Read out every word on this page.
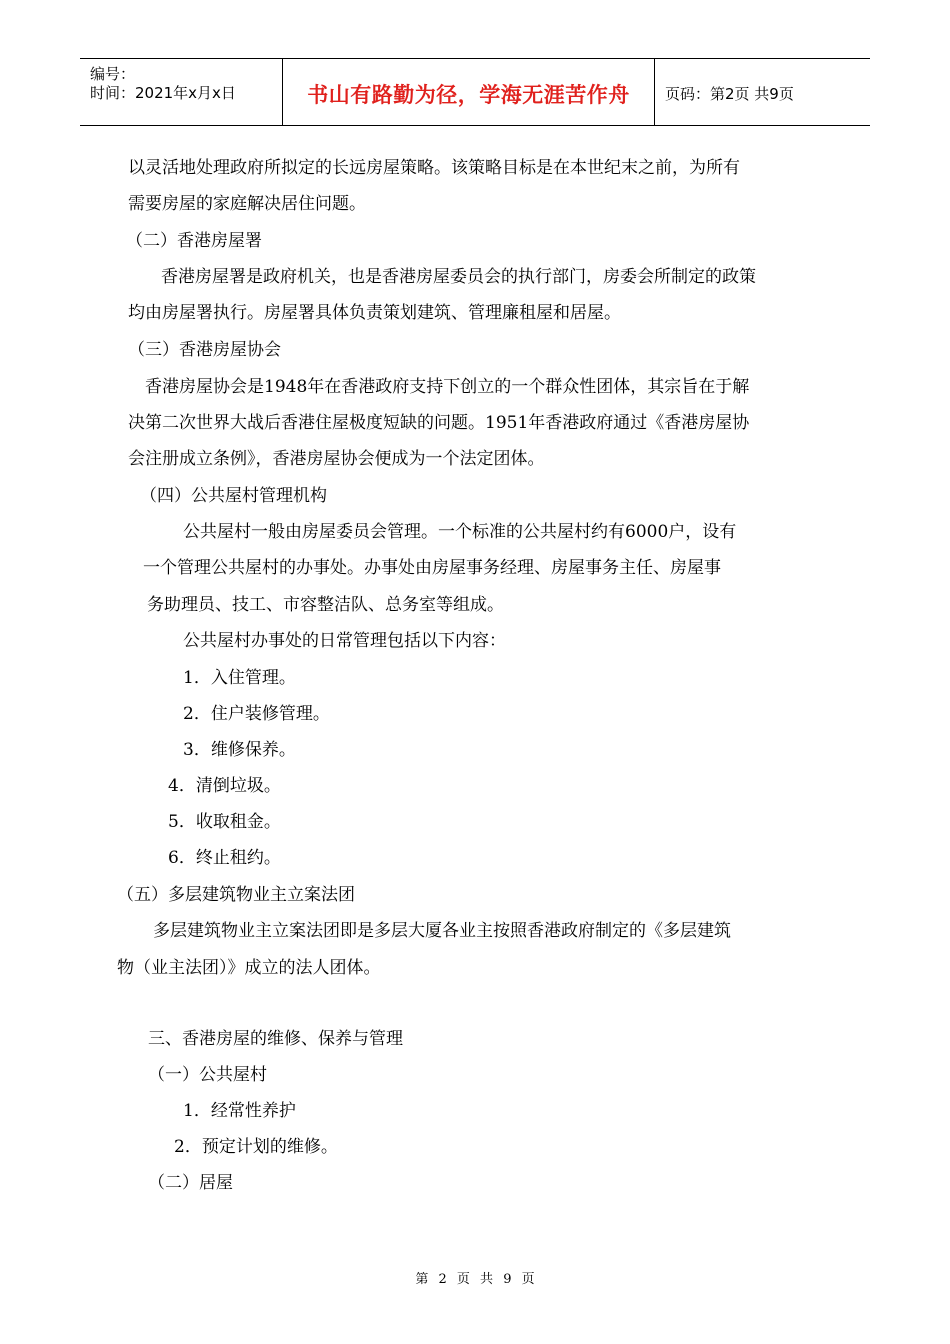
编号：
时间：2021年x月x日	书山有路勤为径，学海无涯苦作舟	页码：第2页 共9页
以灵活地处理政府所拟定的长远房屋策略。该策略目标是在本世纪末之前，为所有
需要房屋的家庭解决居住问题。
（二）香港房屋署
香港房屋署是政府机关，也是香港房屋委员会的执行部门，房委会所制定的政策
均由房屋署执行。房屋署具体负责策划建筑、管理廉租屋和居屋。
（三）香港房屋协会
香港房屋协会是1948年在香港政府支持下创立的一个群众性团体，其宗旨在于解
决第二次世界大战后香港住屋极度短缺的问题。1951年香港政府通过《香港房屋协
会注册成立条例》，香港房屋协会便成为一个法定团体。
（四）公共屋村管理机构
公共屋村一般由房屋委员会管理。一个标准的公共屋村约有6000户，设有
一个管理公共屋村的办事处。办事处由房屋事务经理、房屋事务主任、房屋事
务助理员、技工、市容整洁队、总务室等组成。
公共屋村办事处的日常管理包括以下内容：
1．入住管理。
2．住户装修管理。
3．维修保养。
4．清倒垃圾。
5．收取租金。
6．终止租约。
（五）多层建筑物业主立案法团
多层建筑物业主立案法团即是多层大厦各业主按照香港政府制定的《多层建筑
物（业主法团）》成立的法人团体。
三、香港房屋的维修、保养与管理
（一）公共屋村
1．经常性养护
2．预定计划的维修。
（二）居屋
第 2 页 共 9 页
